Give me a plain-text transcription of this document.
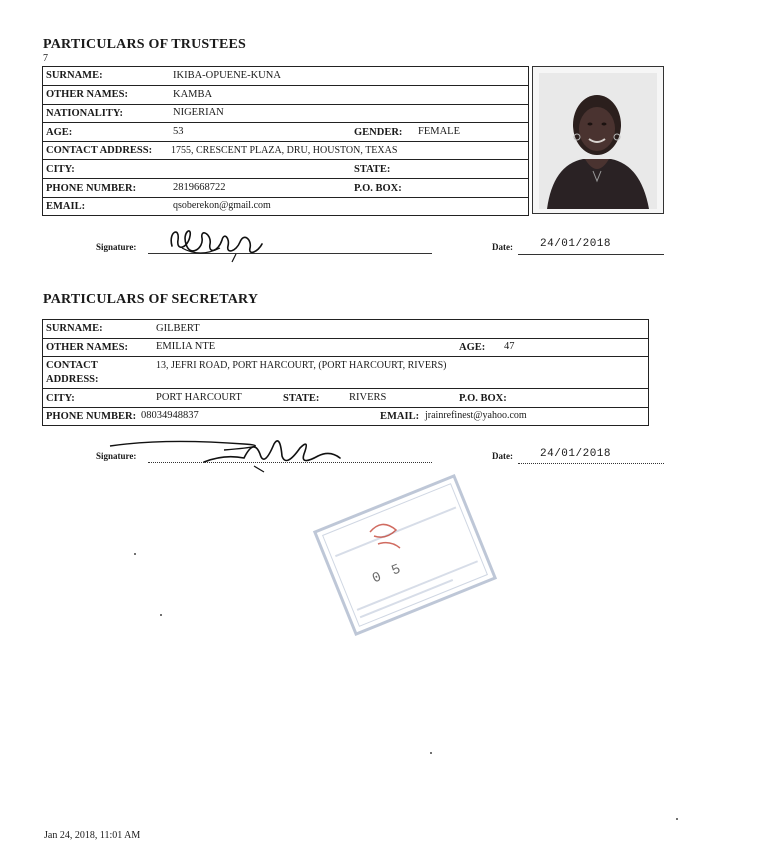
PARTICULARS OF TRUSTEES
7
SURNAME:	IKIBA-OPUENE-KUNA
OTHER NAMES:	KAMBA
NATIONALITY:	NIGERIAN
AGE:	53	GENDER: FEMALE
CONTACT ADDRESS: 1755, CRESCENT PLAZA, DRU, HOUSTON, TEXAS
CITY:	STATE:
PHONE NUMBER:	2819668722	P.O. BOX:
EMAIL:	qsoberekon@gmail.com
Signature:	Date: 24/01/2018
PARTICULARS OF SECRETARY
SURNAME:	GILBERT
OTHER NAMES:	EMILIA NTE	AGE: 47
CONTACT
ADDRESS:
13, JEFRI ROAD, PORT HARCOURT, (PORT HARCOURT, RIVERS)
CITY:	PORT HARCOURT	STATE:	RIVERS	P.O. BOX:
PHONE NUMBER: 08034948837	EMAIL: jrainrefinest@yahoo.com
Signature:	Date: 24/01/2018
0 5
Jan 24, 2018, 11:01 AM
